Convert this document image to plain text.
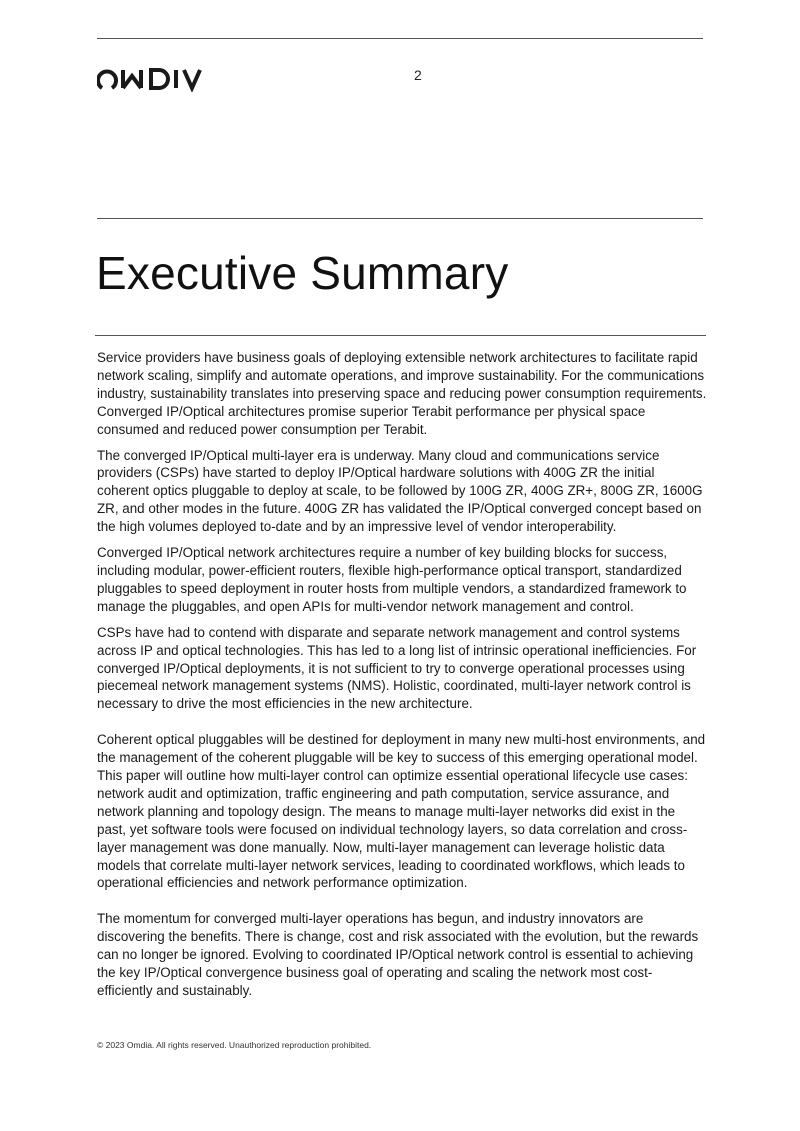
2
Executive Summary

Service providers have business goals of deploying extensible network architectures to facilitate rapid network scaling, simplify and automate operations, and improve sustainability. For the communications industry, sustainability translates into preserving space and reducing power consumption requirements. Converged IP/Optical architectures promise superior Terabit performance per physical space consumed and reduced power consumption per Terabit.

The converged IP/Optical multi-layer era is underway. Many cloud and communications service providers (CSPs) have started to deploy IP/Optical hardware solutions with 400G ZR the initial coherent optics pluggable to deploy at scale, to be followed by 100G ZR, 400G ZR+, 800G ZR, 1600G ZR, and other modes in the future. 400G ZR has validated the IP/Optical converged concept based on the high volumes deployed to-date and by an impressive level of vendor interoperability.

Converged IP/Optical network architectures require a number of key building blocks for success, including modular, power-efficient routers, flexible high-performance optical transport, standardized pluggables to speed deployment in router hosts from multiple vendors, a standardized framework to manage the pluggables, and open APIs for multi-vendor network management and control.

CSPs have had to contend with disparate and separate network management and control systems across IP and optical technologies. This has led to a long list of intrinsic operational inefficiencies. For converged IP/Optical deployments, it is not sufficient to try to converge operational processes using piecemeal network management systems (NMS). Holistic, coordinated, multi-layer network control is necessary to drive the most efficiencies in the new architecture.

Coherent optical pluggables will be destined for deployment in many new multi-host environments, and the management of the coherent pluggable will be key to success of this emerging operational model. This paper will outline how multi-layer control can optimize essential operational lifecycle use cases: network audit and optimization, traffic engineering and path computation, service assurance, and network planning and topology design. The means to manage multi-layer networks did exist in the past, yet software tools were focused on individual technology layers, so data correlation and cross-layer management was done manually. Now, multi-layer management can leverage holistic data models that correlate multi-layer network services, leading to coordinated workflows, which leads to operational efficiencies and network performance optimization.

The momentum for converged multi-layer operations has begun, and industry innovators are discovering the benefits. There is change, cost and risk associated with the evolution, but the rewards can no longer be ignored. Evolving to coordinated IP/Optical network control is essential to achieving the key IP/Optical convergence business goal of operating and scaling the network most cost-efficiently and sustainably.

© 2023 Omdia. All rights reserved. Unauthorized reproduction prohibited.
